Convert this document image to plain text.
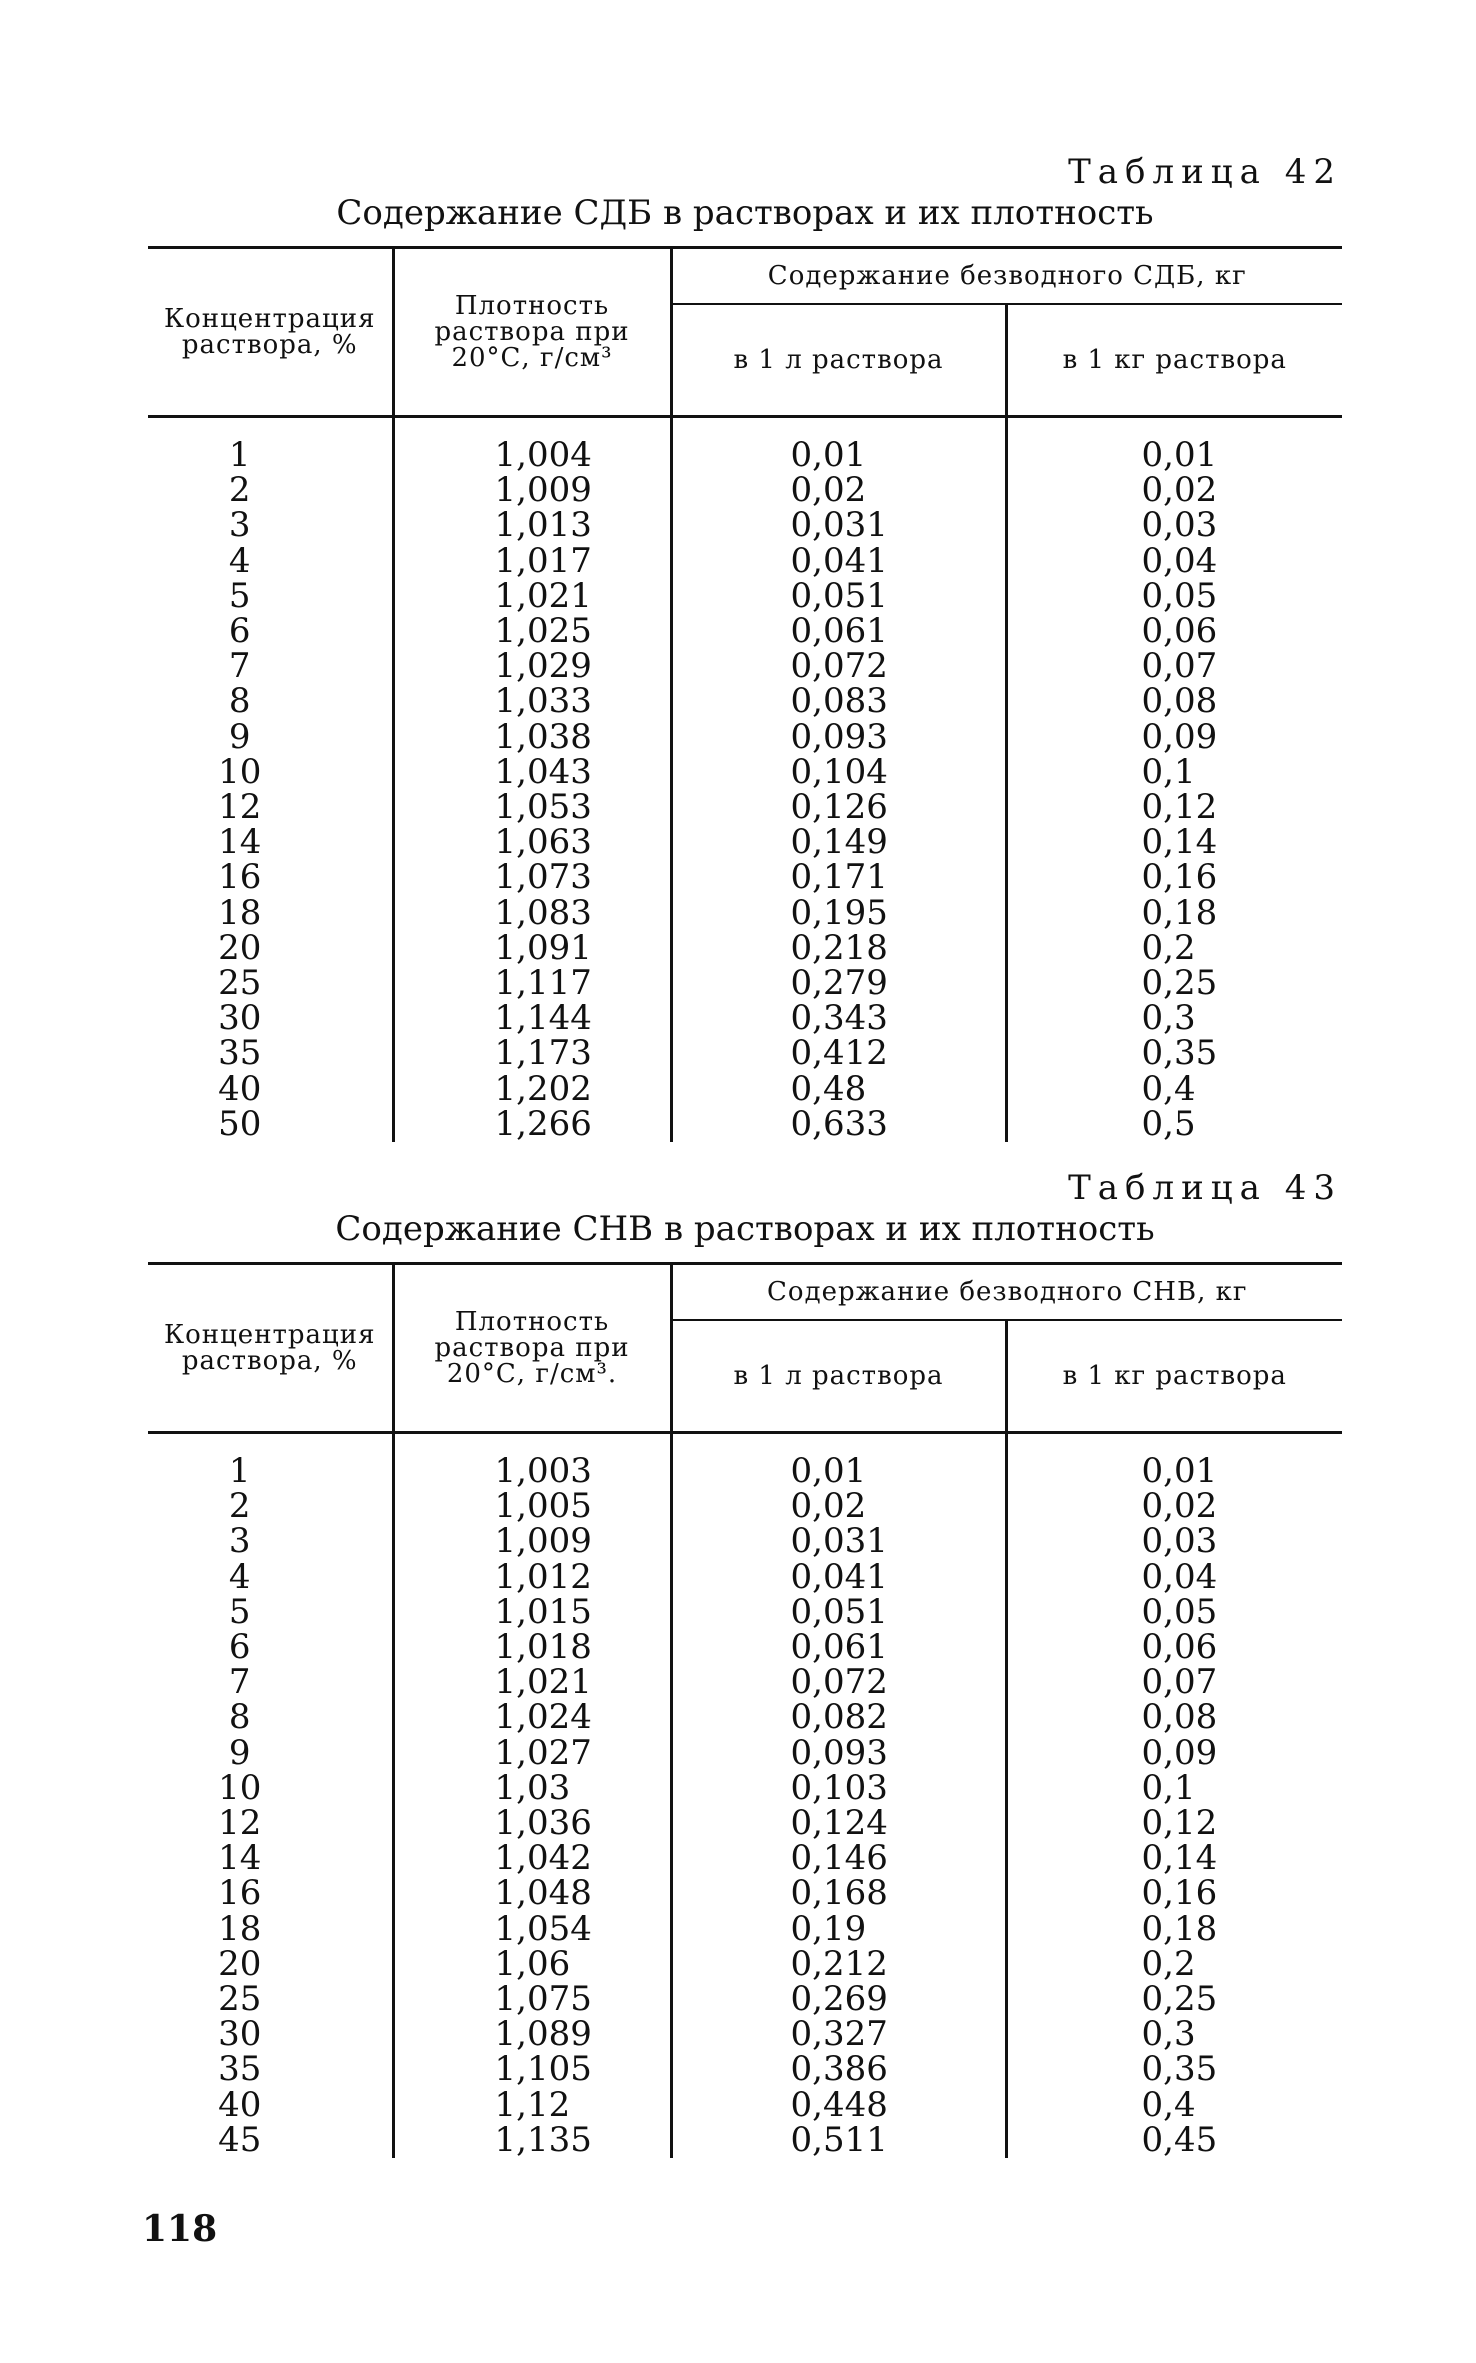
Таблица 42
Содержание СДБ в растворах и их плотность
Концентрация раствора, %	Плотность раствора при 20°С, г/см³	Содержание безводного СДБ, кг	
		в 1 л раствора	в 1 кг раствора
1	1,004	0,01	0,01
2	1,009	0,02	0,02
3	1,013	0,031	0,03
4	1,017	0,041	0,04
5	1,021	0,051	0,05
6	1,025	0,061	0,06
7	1,029	0,072	0,07
8	1,033	0,083	0,08
9	1,038	0,093	0,09
10	1,043	0,104	0,1
12	1,053	0,126	0,12
14	1,063	0,149	0,14
16	1,073	0,171	0,16
18	1,083	0,195	0,18
20	1,091	0,218	0,2
25	1,117	0,279	0,25
30	1,144	0,343	0,3
35	1,173	0,412	0,35
40	1,202	0,48	0,4
50	1,266	0,633	0,5
Таблица 43
Содержание СНВ в растворах и их плотность
Концентрация раствора, %	Плотность раствора при 20°С, г/см³.	Содержание безводного СНВ, кг	
		в 1 л раствора	в 1 кг раствора
1	1,003	0,01	0,01
2	1,005	0,02	0,02
3	1,009	0,031	0,03
4	1,012	0,041	0,04
5	1,015	0,051	0,05
6	1,018	0,061	0,06
7	1,021	0,072	0,07
8	1,024	0,082	0,08
9	1,027	0,093	0,09
10	1,03	0,103	0,1
12	1,036	0,124	0,12
14	1,042	0,146	0,14
16	1,048	0,168	0,16
18	1,054	0,19	0,18
20	1,06	0,212	0,2
25	1,075	0,269	0,25
30	1,089	0,327	0,3
35	1,105	0,386	0,35
40	1,12	0,448	0,4
45	1,135	0,511	0,45
118
